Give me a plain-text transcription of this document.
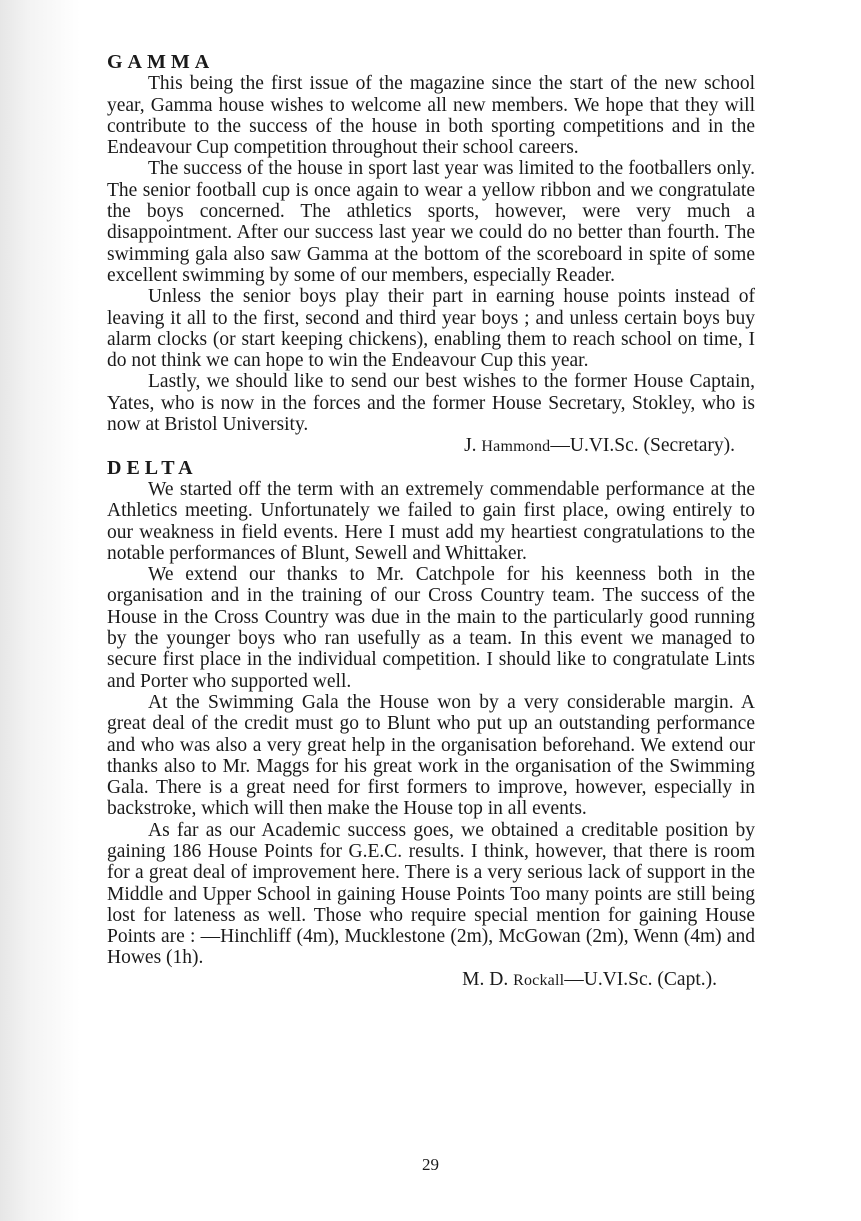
GAMMA

This being the first issue of the magazine since the start of the new school year, Gamma house wishes to welcome all new members. We hope that they will contribute to the success of the house in both sporting competitions and in the Endeavour Cup competition throughout their school careers.

The success of the house in sport last year was limited to the footballers only. The senior football cup is once again to wear a yellow ribbon and we congratulate the boys concerned. The athletics sports, however, were very much a disappointment. After our success last year we could do no better than fourth. The swimming gala also saw Gamma at the bottom of the scoreboard in spite of some excellent swimming by some of our members, especially Reader.

Unless the senior boys play their part in earning house points instead of leaving it all to the first, second and third year boys ; and unless certain boys buy alarm clocks (or start keeping chickens), enabling them to reach school on time, I do not think we can hope to win the Endeavour Cup this year.

Lastly, we should like to send our best wishes to the former House Captain, Yates, who is now in the forces and the former House Secretary, Stokley, who is now at Bristol University.

J. Hammond—U.VI.Sc. (Secretary).

DELTA

We started off the term with an extremely commendable performance at the Athletics meeting. Unfortunately we failed to gain first place, owing entirely to our weakness in field events. Here I must add my heartiest congratulations to the notable performances of Blunt, Sewell and Whittaker.

We extend our thanks to Mr. Catchpole for his keenness both in the organisation and in the training of our Cross Country team. The success of the House in the Cross Country was due in the main to the particularly good running by the younger boys who ran usefully as a team. In this event we managed to secure first place in the individual competition. I should like to congratulate Lints and Porter who supported well.

At the Swimming Gala the House won by a very considerable margin. A great deal of the credit must go to Blunt who put up an outstanding performance and who was also a very great help in the organisation beforehand. We extend our thanks also to Mr. Maggs for his great work in the organisation of the Swimming Gala. There is a great need for first formers to improve, however, especially in backstroke, which will then make the House top in all events.

As far as our Academic success goes, we obtained a creditable position by gaining 186 House Points for G.E.C. results. I think, however, that there is room for a great deal of improvement here. There is a very serious lack of support in the Middle and Upper School in gaining House Points Too many points are still being lost for lateness as well. Those who require special mention for gaining House Points are : —Hinchliff (4m), Mucklestone (2m), McGowan (2m), Wenn (4m) and Howes (1h).

M. D. Rockall—U.VI.Sc. (Capt.).

29
